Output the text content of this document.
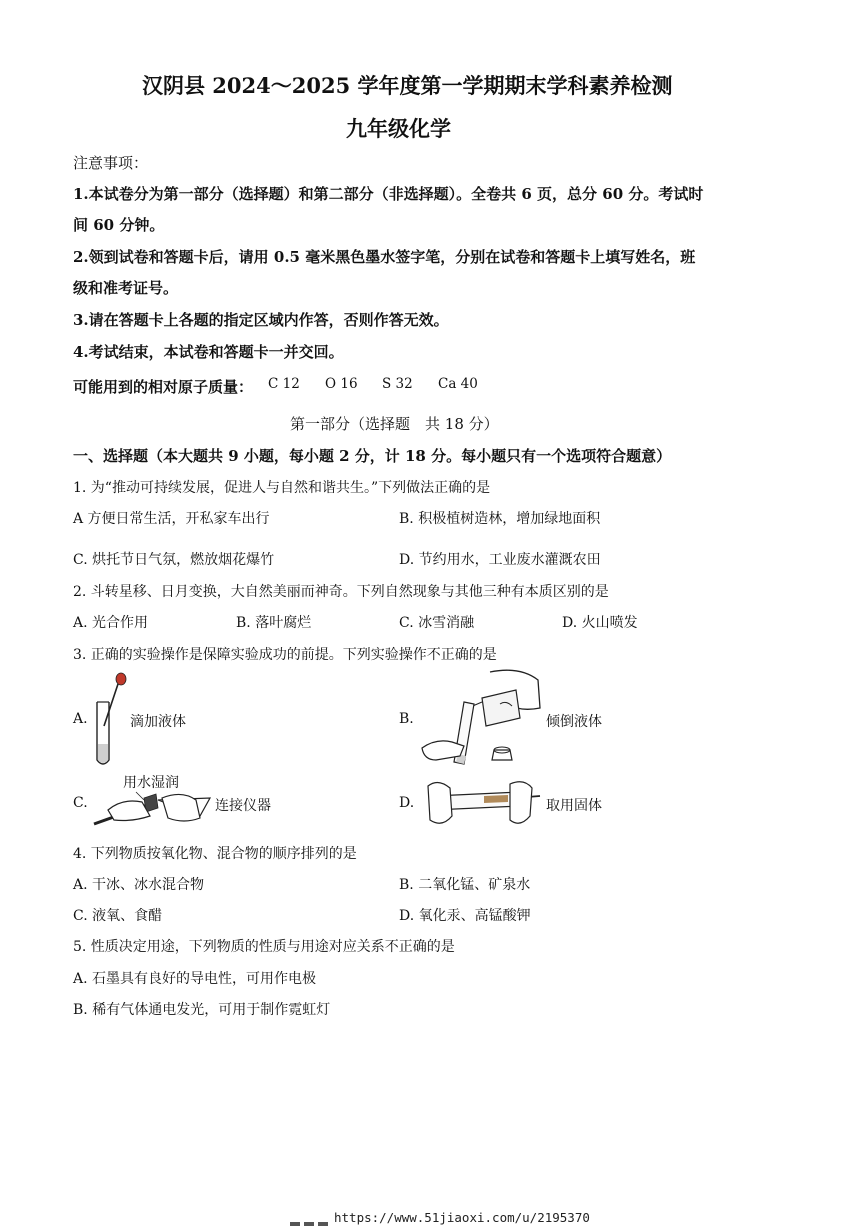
汉阴县 2024～2025 学年度第一学期期末学科素养检测
九年级化学
注意事项：
1.本试卷分为第一部分（选择题）和第二部分（非选择题）。全卷共 6 页，总分 60 分。考试时
间 60 分钟。
2.领到试卷和答题卡后，请用 0.5 毫米黑色墨水签字笔，分别在试卷和答题卡上填写姓名，班
级和准考证号。
3.请在答题卡上各题的指定区域内作答，否则作答无效。
4.考试结束，本试卷和答题卡一并交回。
可能用到的相对原子质量： C 12 O 16 S 32 Ca 40
第一部分（选择题　共 18 分）
一、选择题（本大题共 9 小题，每小题 2 分，计 18 分。每小题只有一个选项符合题意）
1. 为“推动可持续发展，促进人与自然和谐共生。”下列做法正确的是
A 方便日常生活，开私家车出行	B. 积极植树造林，增加绿地面积
C. 烘托节日气氛，燃放烟花爆竹	D. 节约用水，工业废水灌溉农田
2. 斗转星移、日月变换，大自然美丽而神奇。下列自然现象与其他三种有本质区别的是
A. 光合作用	B. 落叶腐烂	C. 冰雪消融	D. 火山喷发
3. 正确的实验操作是保障实验成功的前提。下列实验操作不正确的是
A.	滴加液体	B.	倾倒液体
C.
用水湿润
连接仪器	D.	取用固体
4. 下列物质按氧化物、混合物的顺序排列的是
A. 干冰、冰水混合物	B. 二氧化锰、矿泉水
C. 液氧、食醋	D. 氧化汞、高锰酸钾
5. 性质决定用途，下列物质的性质与用途对应关系不正确的是
A. 石墨具有良好的导电性，可用作电极
B. 稀有气体通电发光，可用于制作霓虹灯
https://www.51jiaoxi.com/u/2195370
